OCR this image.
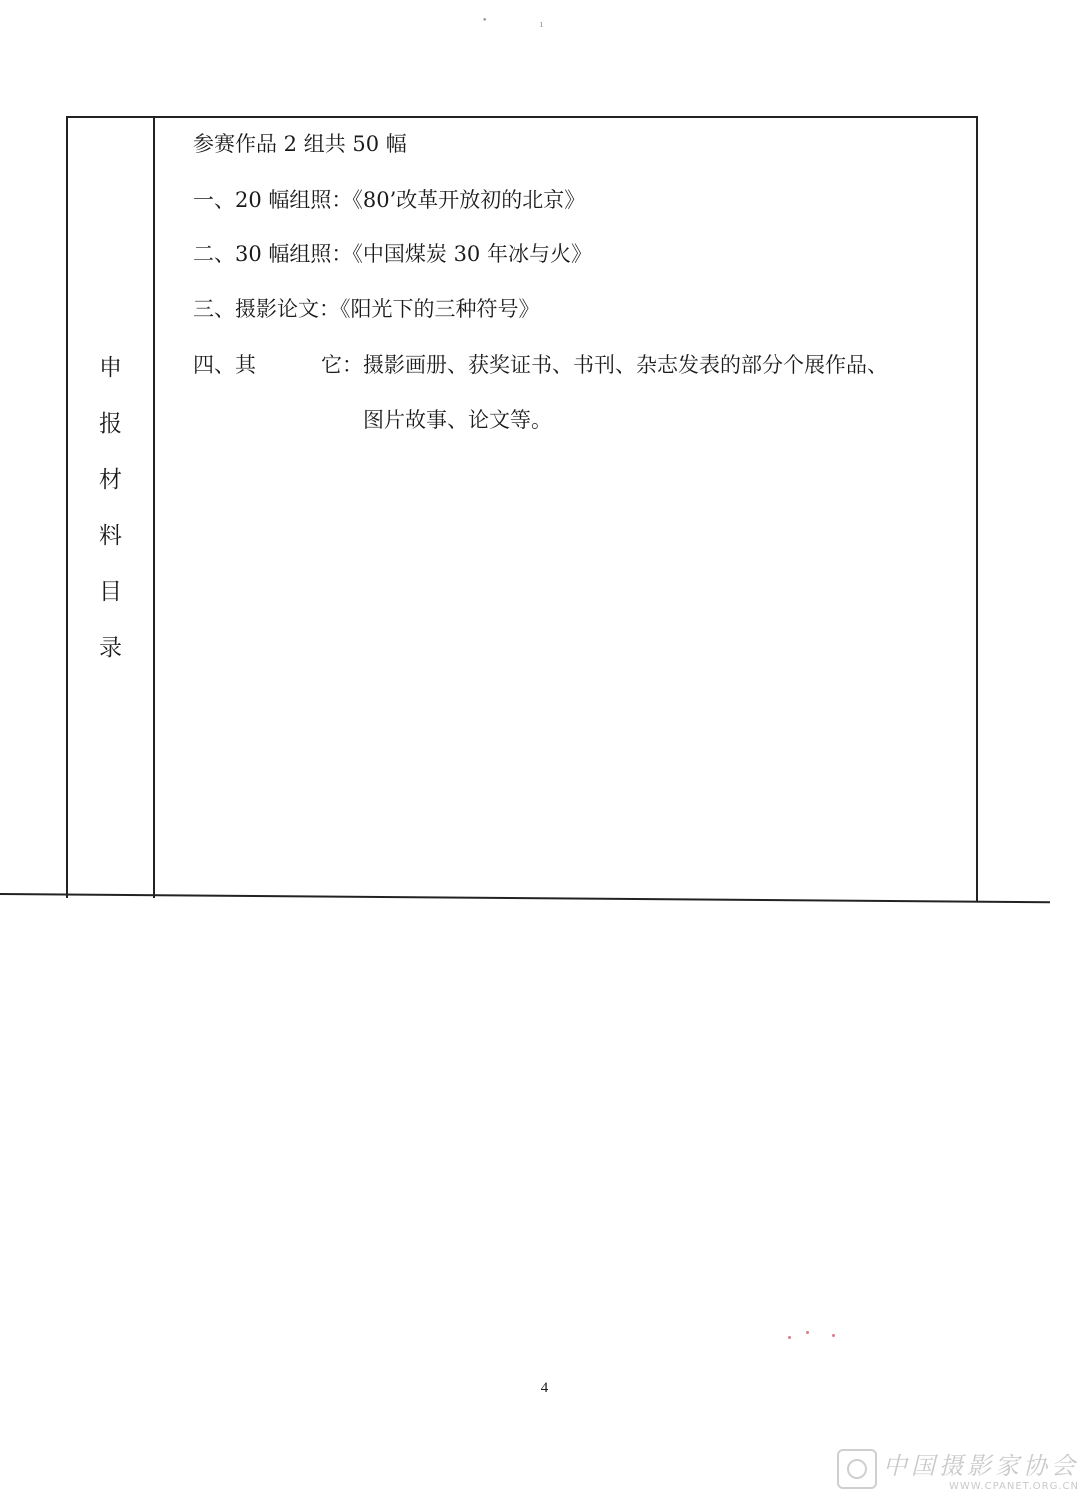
•	ı
申
报
材
料
目
录
参赛作品 2 组共 50 幅
一、20 幅组照：《80’改革开放初的北京》
二、30 幅组照：《中国煤炭 30 年冰与火》
三、摄影论文：《阳光下的三种符号》
四、其	它：摄影画册、获奖证书、书刊、杂志发表的部分个展作品、
图片故事、论文等。
4
中国摄影家协会
WWW.CPANET.ORG.CN
